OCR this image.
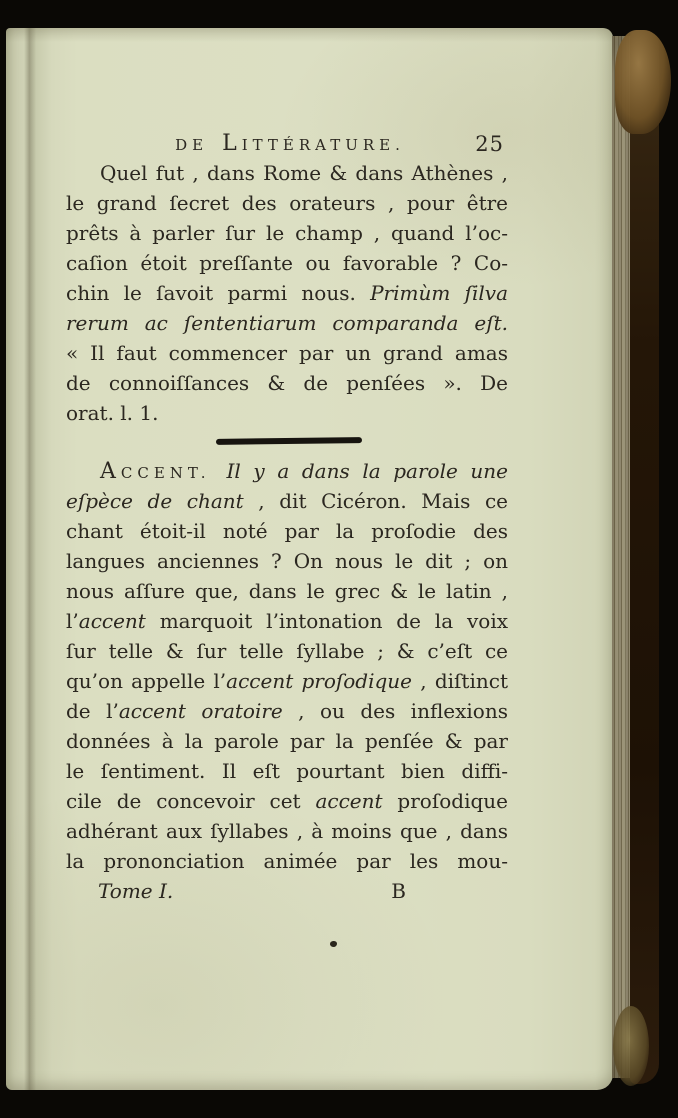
DE LITTÉRATURE.	25
Quel fut , dans Rome & dans Athènes ,
le grand ſecret des orateurs , pour être
prêts à parler ſur le champ , quand l’oc-
caſion étoit preſſante ou favorable ? Co-
chin le ſavoit parmi nous. Primùm ſilva
rerum ac ſententiarum comparanda eſt.
« Il faut commencer par un grand amas
de connoiſſances & de penſées ». De
orat. l. 1.
ACCENT. Il y a dans la parole une
eſpèce de chant , dit Cicéron. Mais ce
chant étoit-il noté par la proſodie des
langues anciennes ? On nous le dit ; on
nous aſſure que, dans le grec & le latin ,
l’accent marquoit l’intonation de la voix
ſur telle & ſur telle ſyllabe ; & c’eſt ce
qu’on appelle l’accent proſodique , diſtinct
de l’accent oratoire , ou des inflexions
données à la parole par la penſée & par
le ſentiment. Il eſt pourtant bien diffi-
cile de concevoir cet accent proſodique
adhérant aux ſyllabes , à moins que , dans
la prononciation animée par les mou-
Tome I.	B
